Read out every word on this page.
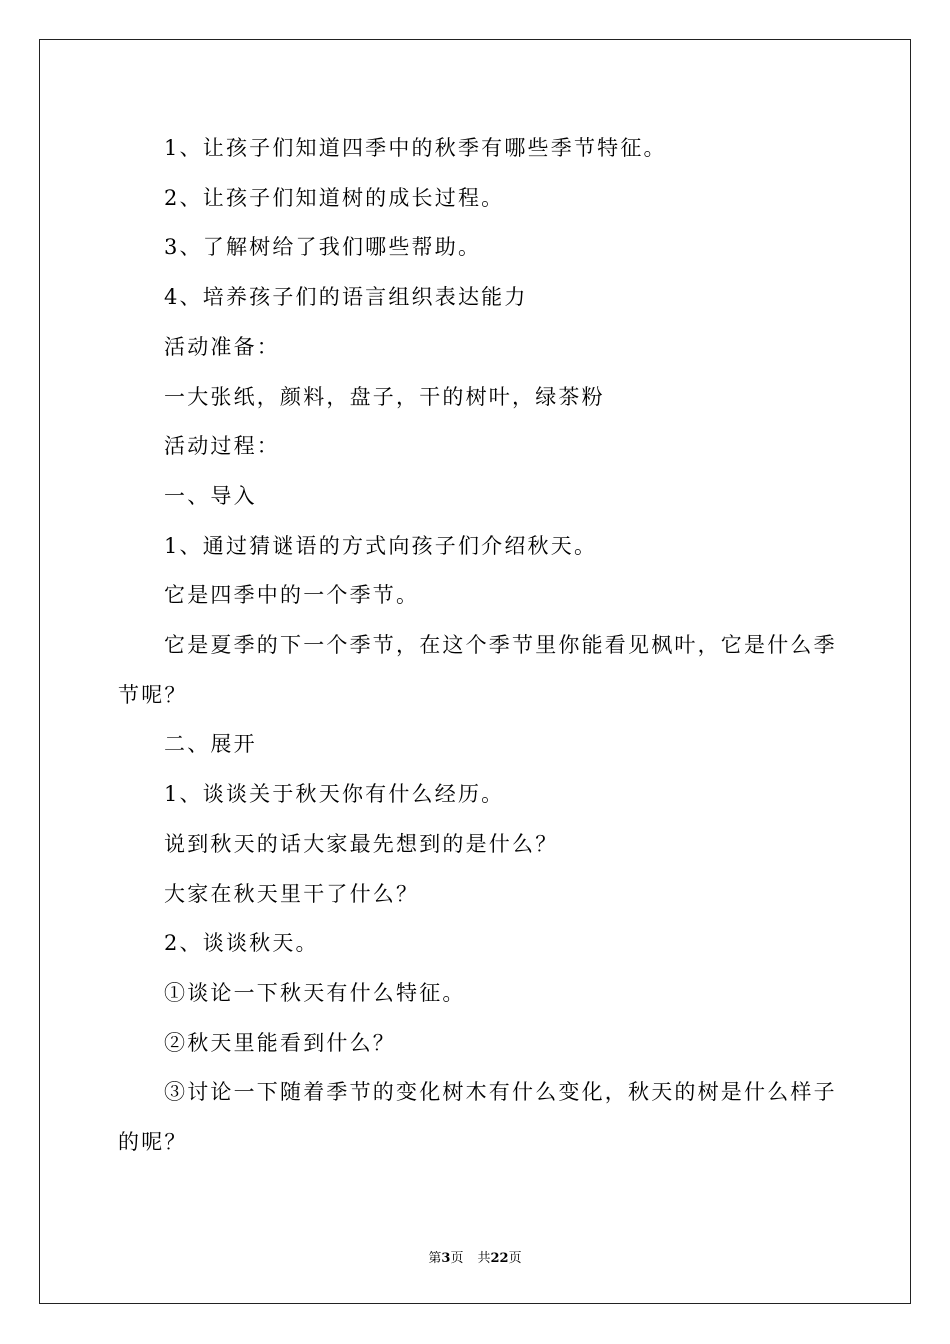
1、让孩子们知道四季中的秋季有哪些季节特征。

2、让孩子们知道树的成长过程。

3、了解树给了我们哪些帮助。

4、培养孩子们的语言组织表达能力

活动准备：

一大张纸，颜料，盘子，干的树叶，绿茶粉

活动过程：

一、导入

1、通过猜谜语的方式向孩子们介绍秋天。

它是四季中的一个季节。

它是夏季的下一个季节，在这个季节里你能看见枫叶，它是什么季节呢？

二、展开

1、谈谈关于秋天你有什么经历。

说到秋天的话大家最先想到的是什么？

大家在秋天里干了什么？

2、谈谈秋天。

①谈论一下秋天有什么特征。

②秋天里能看到什么？

③讨论一下随着季节的变化树木有什么变化，秋天的树是什么样子的呢？

第3页 共22页
